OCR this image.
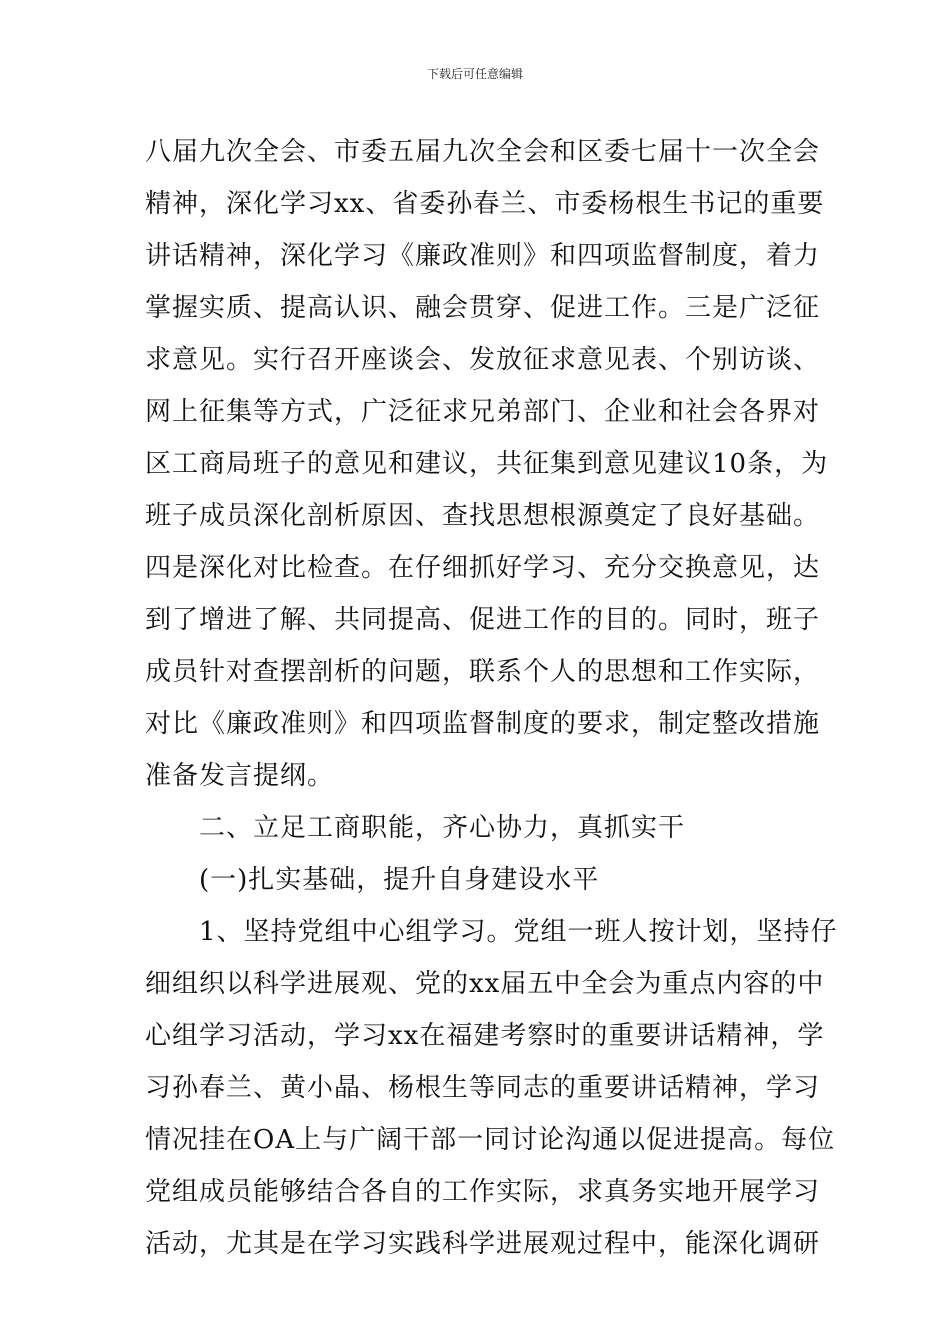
下载后可任意编辑
八届九次全会、市委五届九次全会和区委七届十一次全会
精神，深化学习xx、省委孙春兰、市委杨根生书记的重要
讲话精神，深化学习《廉政准则》和四项监督制度，着力
掌握实质、提高认识、融会贯穿、促进工作。三是广泛征
求意见。实行召开座谈会、发放征求意见表、个别访谈、
网上征集等方式，广泛征求兄弟部门、企业和社会各界对
区工商局班子的意见和建议，共征集到意见建议10条，为
班子成员深化剖析原因、查找思想根源奠定了良好基础。
四是深化对比检查。在仔细抓好学习、充分交换意见，达
到了增进了解、共同提高、促进工作的目的。同时，班子
成员针对查摆剖析的问题，联系个人的思想和工作实际，
对比《廉政准则》和四项监督制度的要求，制定整改措施
准备发言提纲。
二、立足工商职能，齐心协力，真抓实干
(一)扎实基础，提升自身建设水平
1、坚持党组中心组学习。党组一班人按计划，坚持仔
细组织以科学进展观、党的xx届五中全会为重点内容的中
心组学习活动，学习xx在福建考察时的重要讲话精神，学
习孙春兰、黄小晶、杨根生等同志的重要讲话精神，学习
情况挂在OA上与广阔干部一同讨论沟通以促进提高。每位
党组成员能够结合各自的工作实际，求真务实地开展学习
活动，尤其是在学习实践科学进展观过程中，能深化调研
